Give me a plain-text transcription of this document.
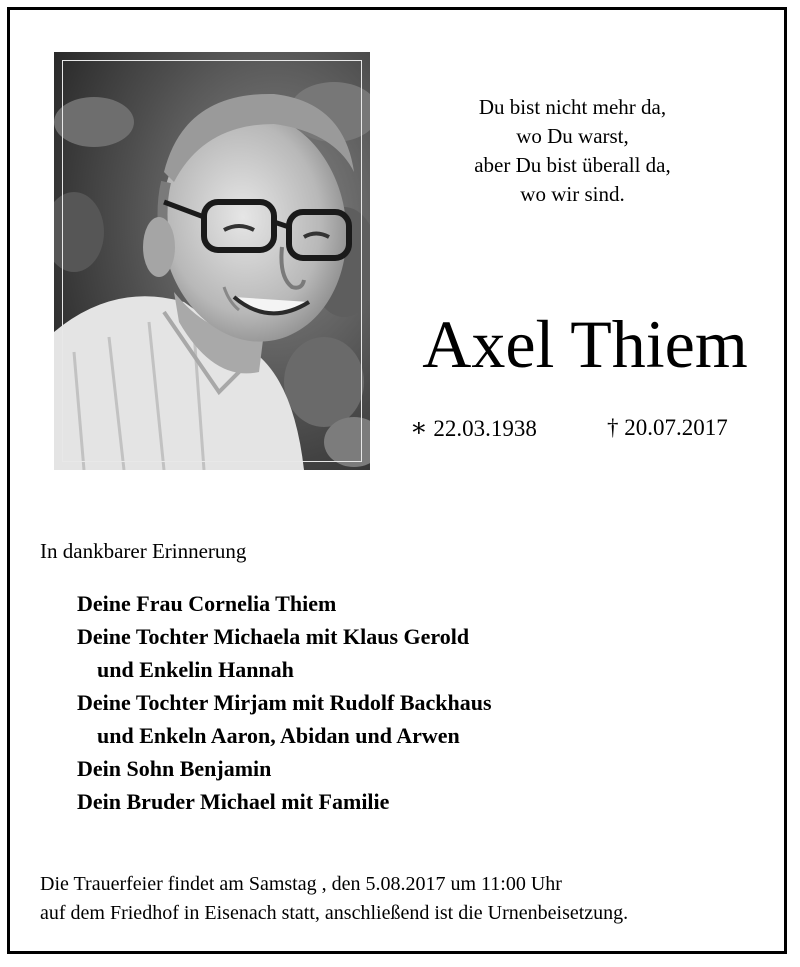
Du bist nicht mehr da,
wo Du warst,
aber Du bist überall da,
wo wir sind.
Axel Thiem
∗ 22.03.1938	† 20.07.2017
In dankbarer Erinnerung
Deine Frau Cornelia Thiem
Deine Tochter Michaela mit Klaus Gerold
und Enkelin Hannah
Deine Tochter Mirjam mit Rudolf Backhaus
und Enkeln Aaron, Abidan und Arwen
Dein Sohn Benjamin
Dein Bruder Michael mit Familie
Die Trauerfeier findet am Samstag , den 5.08.2017 um 11:00 Uhr
auf dem Friedhof in Eisenach statt, anschließend ist die Urnenbeisetzung.
